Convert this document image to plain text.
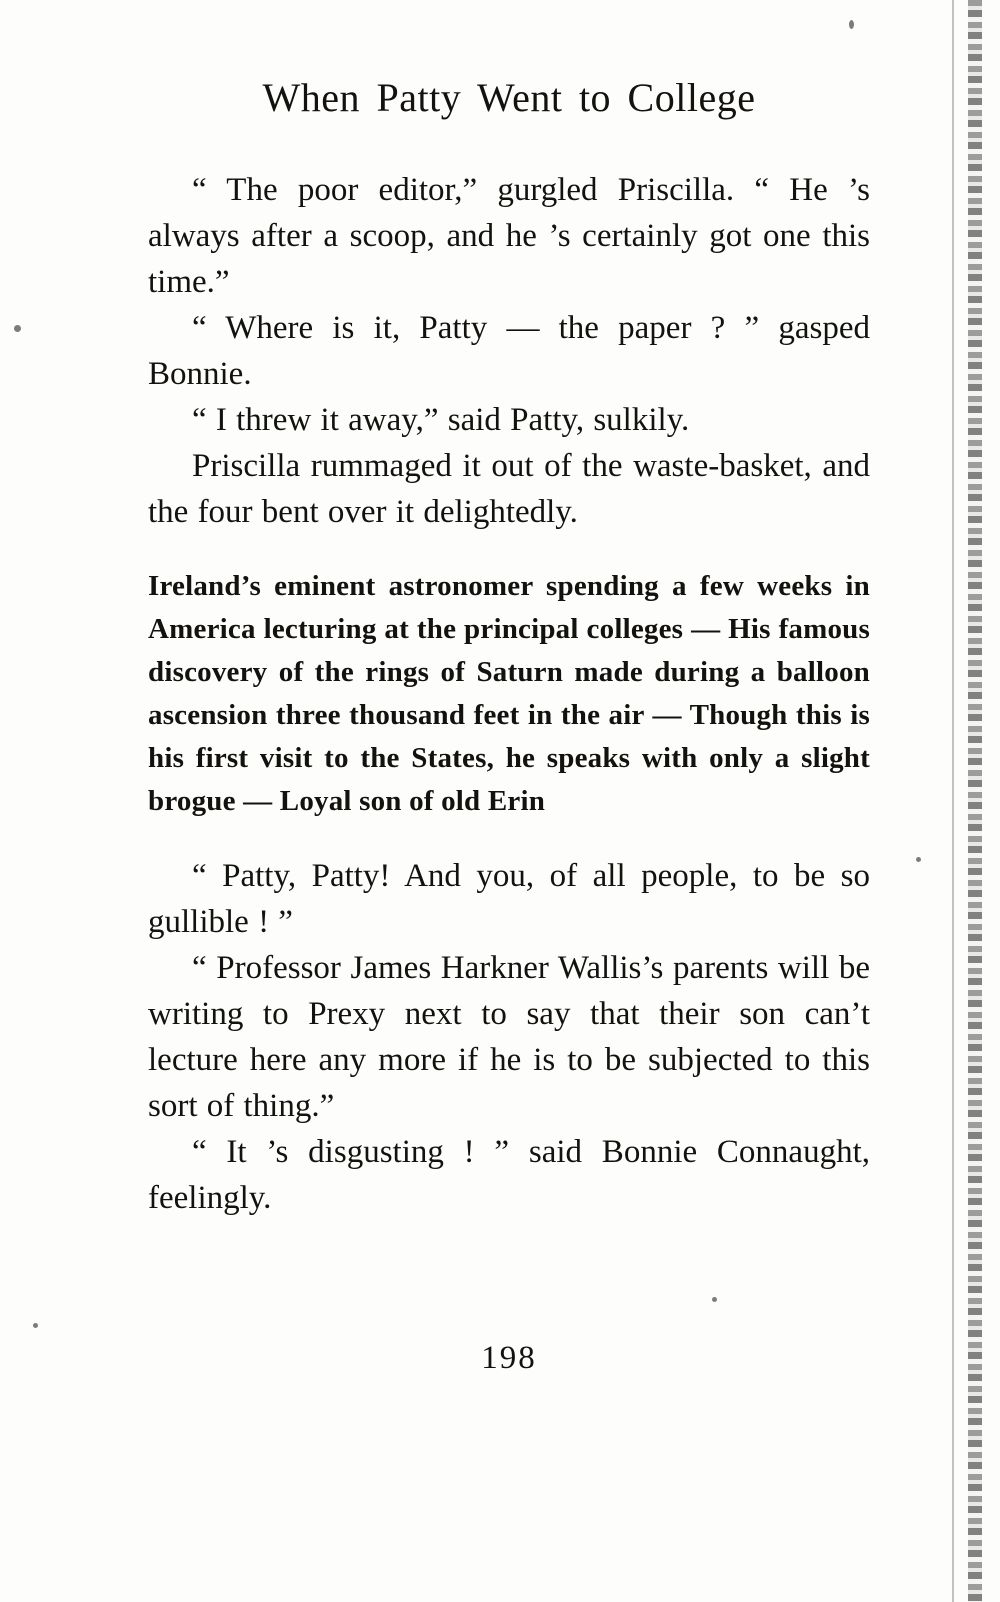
When Patty Went to College

“ The poor editor,” gurgled Priscilla. “ He ’s always after a scoop, and he ’s certainly got one this time.”

“ Where is it, Patty — the paper ? ” gasped Bonnie.

“ I threw it away,” said Patty, sulkily.

Priscilla rummaged it out of the waste-basket, and the four bent over it delightedly.

Ireland’s eminent astronomer spending a few weeks in America lecturing at the principal colleges — His famous discovery of the rings of Saturn made during a balloon ascension three thousand feet in the air — Though this is his first visit to the States, he speaks with only a slight brogue — Loyal son of old Erin

“ Patty, Patty! And you, of all people, to be so gullible ! ”

“ Professor James Harkner Wallis’s parents will be writing to Prexy next to say that their son can’t lecture here any more if he is to be subjected to this sort of thing.”

“ It ’s disgusting ! ” said Bonnie Connaught, feelingly.

198
